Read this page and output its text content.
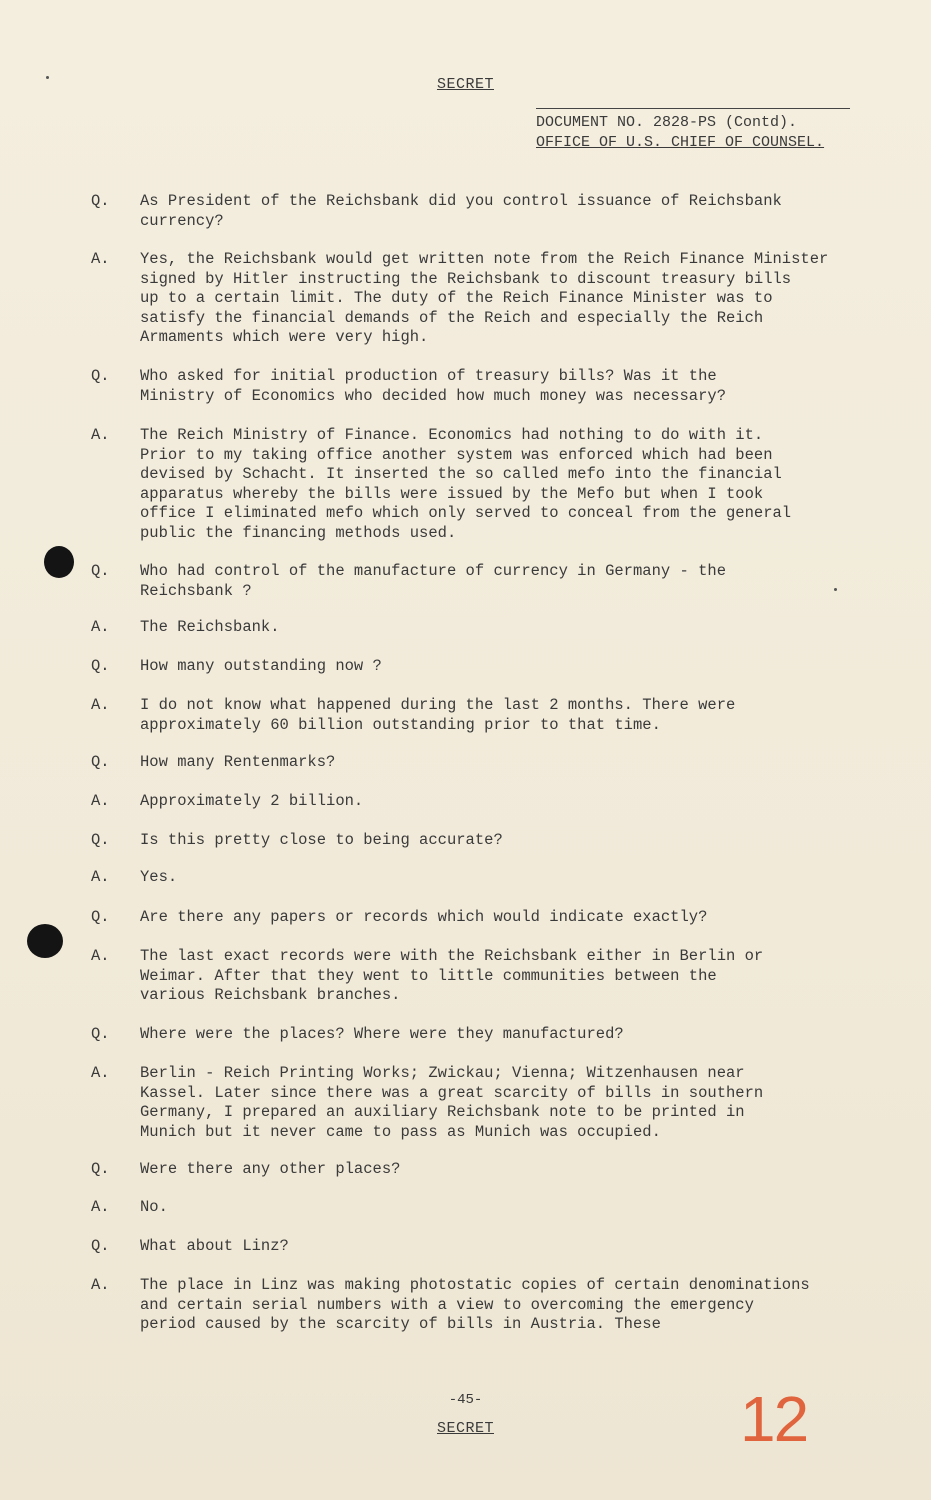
SECRET
DOCUMENT NO. 2828-PS (Contd).
OFFICE OF U.S. CHIEF OF COUNSEL.
Q. As President of the Reichsbank did you control issuance of Reichsbank
currency?
A. Yes, the Reichsbank would get written note from the Reich Finance Minister
signed by Hitler instructing the Reichsbank to discount treasury bills
up to a certain limit. The duty of the Reich Finance Minister was to
satisfy the financial demands of the Reich and especially the Reich
Armaments which were very high.
Q. Who asked for initial production of treasury bills? Was it the
Ministry of Economics who decided how much money was necessary?
A. The Reich Ministry of Finance. Economics had nothing to do with it.
Prior to my taking office another system was enforced which had been
devised by Schacht. It inserted the so called mefo into the financial
apparatus whereby the bills were issued by the Mefo but when I took
office I eliminated mefo which only served to conceal from the general
public the financing methods used.
Q. Who had control of the manufacture of currency in Germany - the
Reichsbank ?
A. The Reichsbank.
Q. How many outstanding now ?
A. I do not know what happened during the last 2 months. There were
approximately 60 billion outstanding prior to that time.
Q. How many Rentenmarks?
A. Approximately 2 billion.
Q. Is this pretty close to being accurate?
A. Yes.
Q. Are there any papers or records which would indicate exactly?
A. The last exact records were with the Reichsbank either in Berlin or
Weimar. After that they went to little communities between the
various Reichsbank branches.
Q. Where were the places? Where were they manufactured?
A. Berlin - Reich Printing Works; Zwickau; Vienna; Witzenhausen near
Kassel. Later since there was a great scarcity of bills in southern
Germany, I prepared an auxiliary Reichsbank note to be printed in
Munich but it never came to pass as Munich was occupied.
Q. Were there any other places?
A. No.
Q. What about Linz?
A. The place in Linz was making photostatic copies of certain denominations
and certain serial numbers with a view to overcoming the emergency
period caused by the scarcity of bills in Austria. These
-45-
SECRET	12
